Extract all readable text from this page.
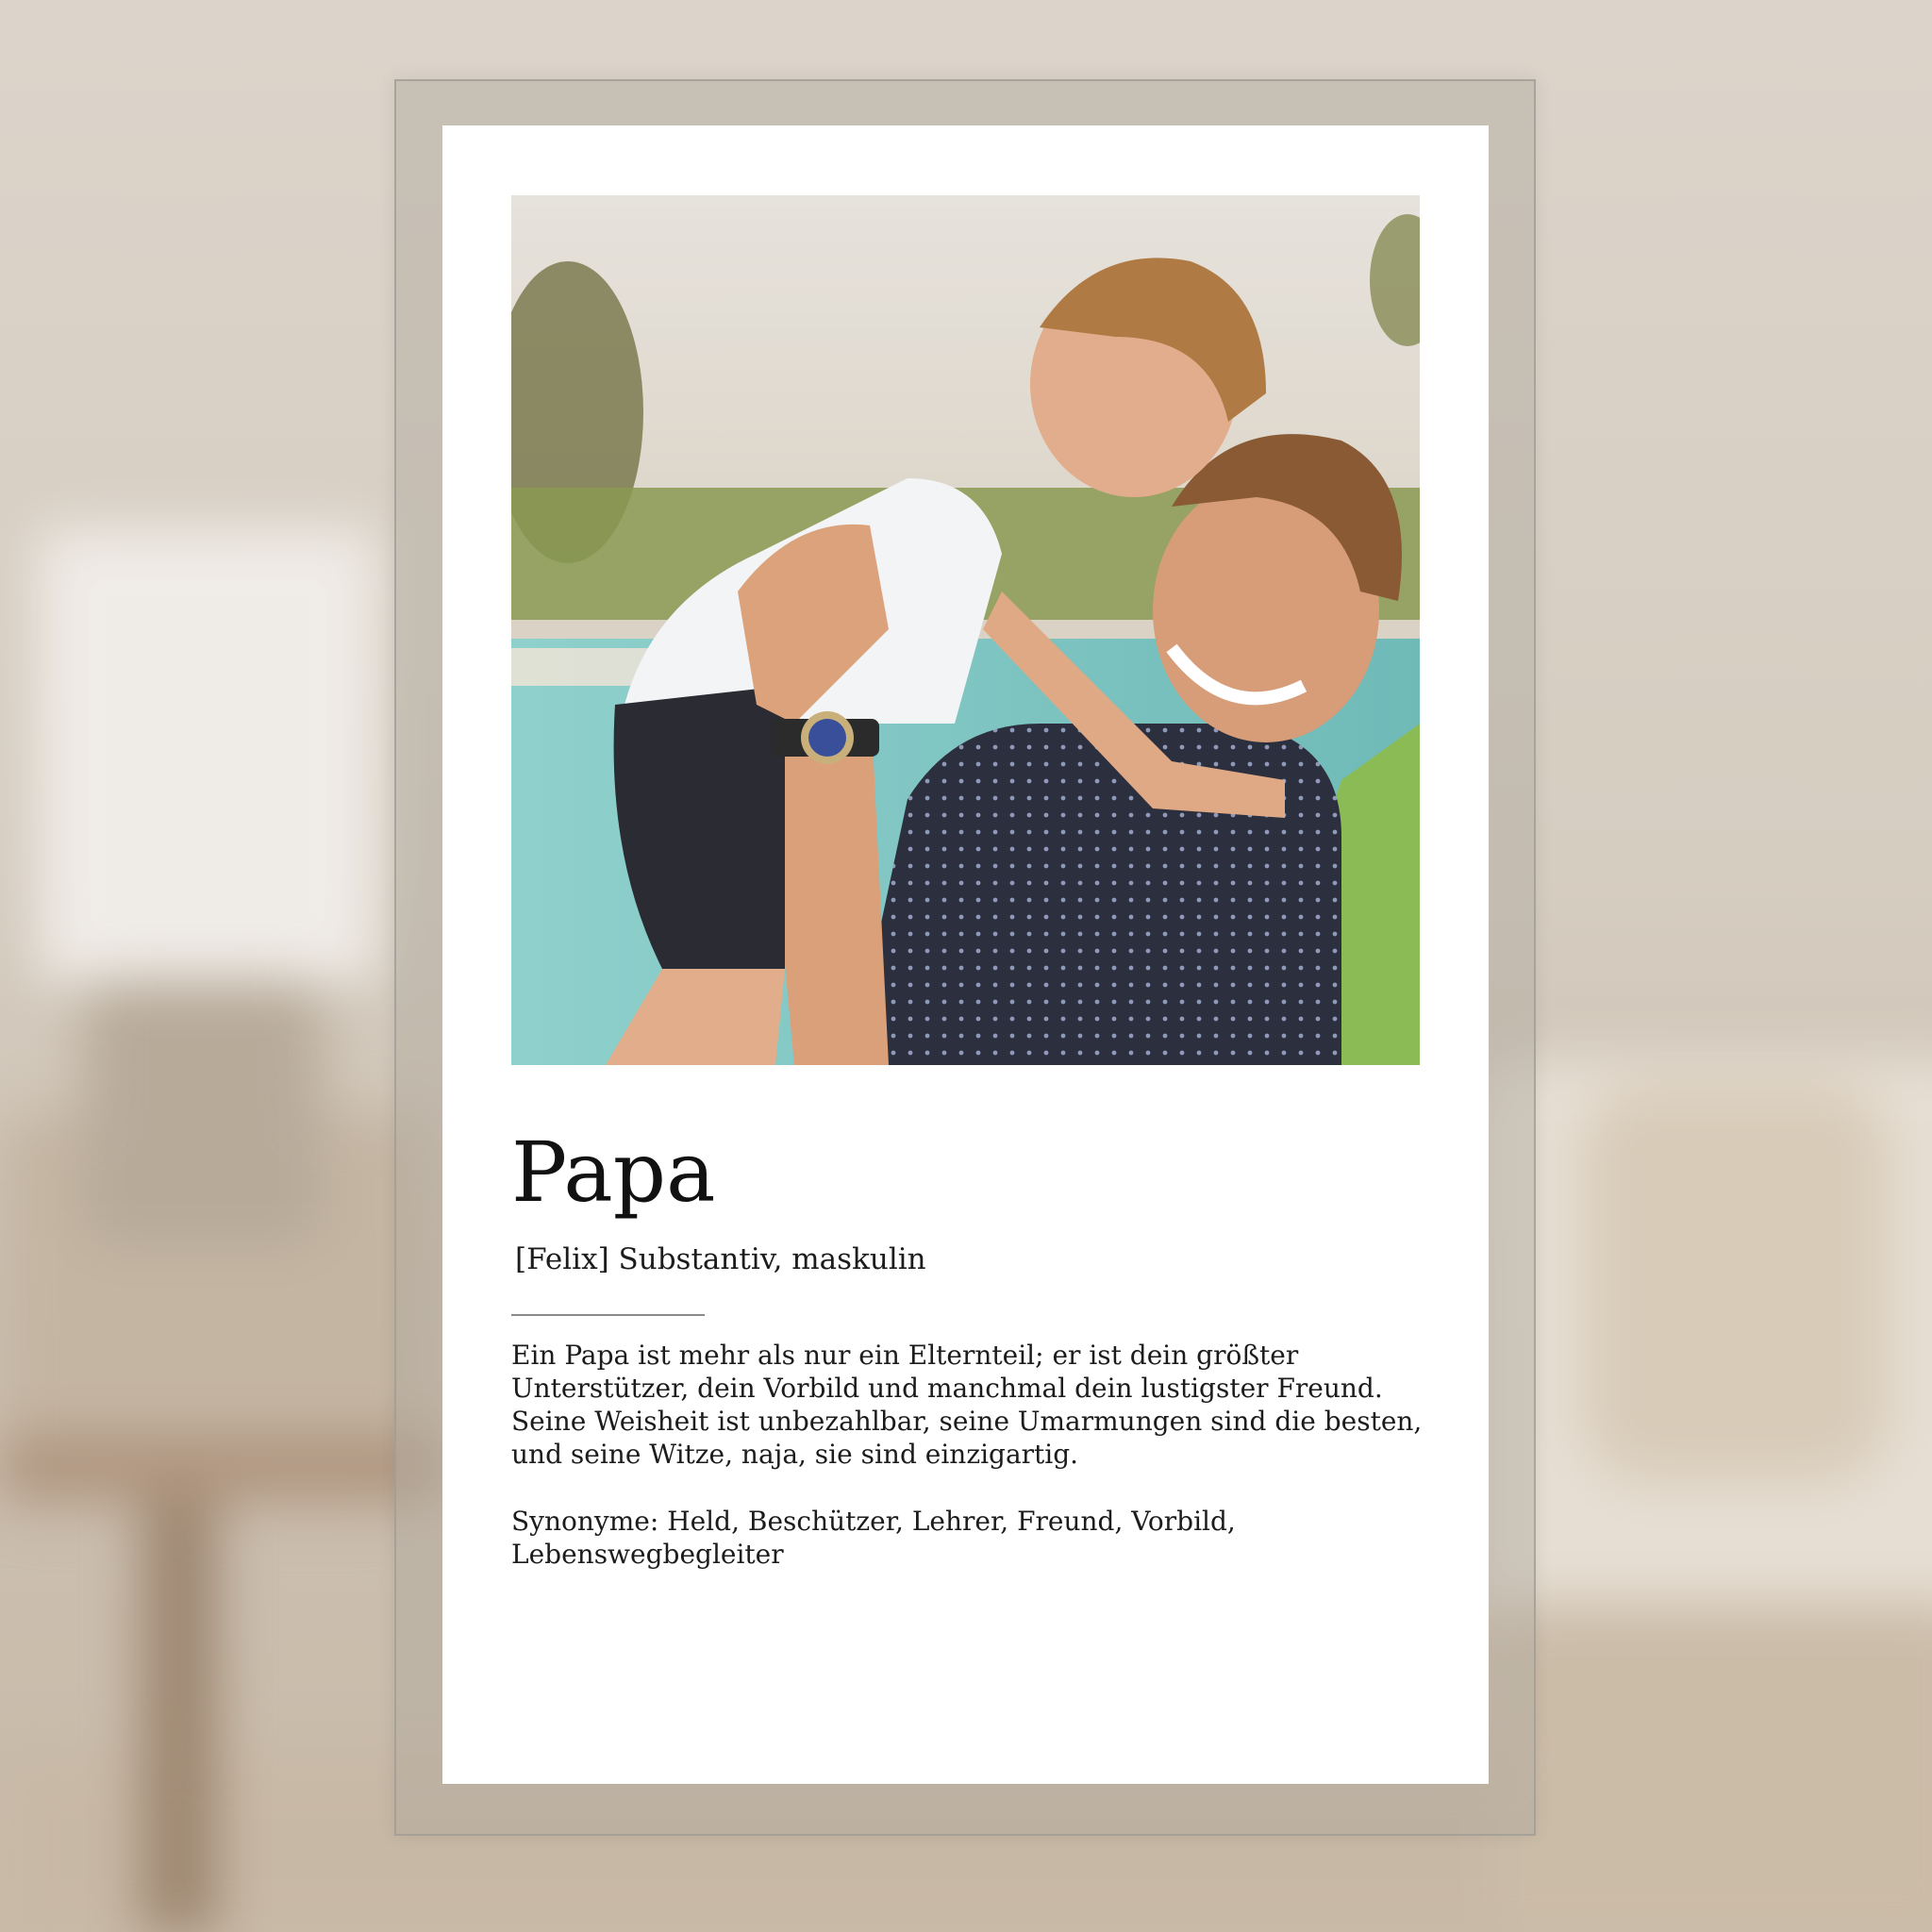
Papa
[Felix] Substantiv, maskulin

Ein Papa ist mehr als nur ein Elternteil; er ist dein größter Unterstützer, dein Vorbild und manchmal dein lustigster Freund. Seine Weisheit ist unbezahlbar, seine Umarmungen sind die besten, und seine Witze, naja, sie sind einzigartig.

Synonyme: Held, Beschützer, Lehrer, Freund, Vorbild, Lebenswegbegleiter
